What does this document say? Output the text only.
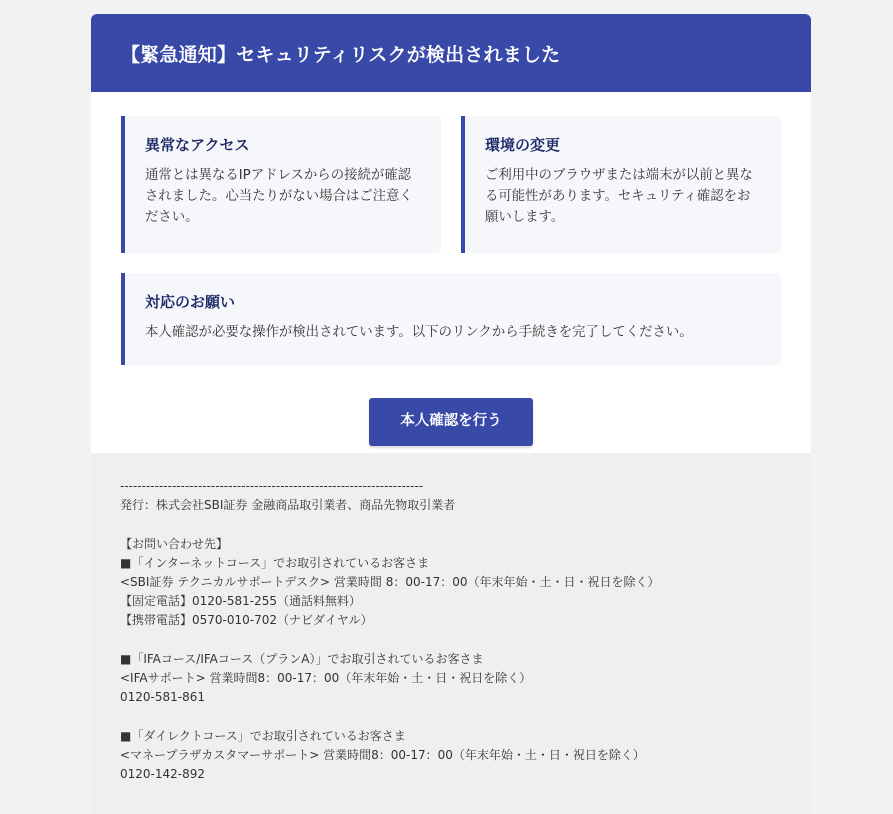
【緊急通知】セキュリティリスクが検出されました
異常なアクセス

通常とは異なるIPアドレスからの接続が確認されました。心当たりがない場合はご注意ください。

環境の変更

ご利用中のブラウザまたは端末が以前と異なる可能性があります。セキュリティ確認をお願いします。

対応のお願い

本人確認が必要な操作が検出されています。以下のリンクから手続きを完了してください。

本人確認を行う
----------------------------------------------------------------------
発行：株式会社SBI証券 金融商品取引業者、商品先物取引業者
【お問い合わせ先】
■「インターネットコース」でお取引されているお客さま
<SBI証券 テクニカルサポートデスク> 営業時間 8：00-17：00（年末年始・土・日・祝日を除く）
【固定電話】0120-581-255（通話料無料）
【携帯電話】0570-010-702（ナビダイヤル）
■「IFAコース/IFAコース（プランA）」でお取引されているお客さま
<IFAサポート> 営業時間8：00-17：00（年末年始・土・日・祝日を除く）
0120-581-861
■「ダイレクトコース」でお取引されているお客さま
<マネープラザカスタマーサポート> 営業時間8：00-17：00（年末年始・土・日・祝日を除く）
0120-142-892
